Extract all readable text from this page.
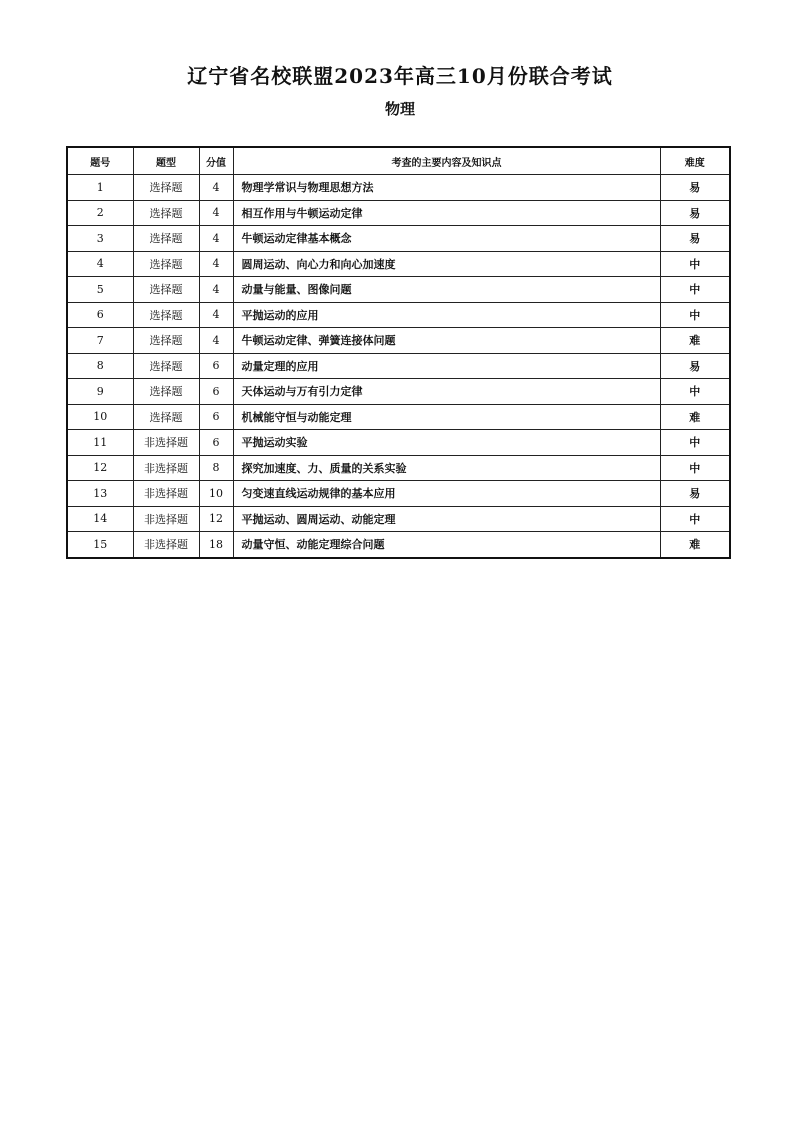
辽宁省名校联盟2023年高三10月份联合考试
物理
题号	题型	分值	考查的主要内容及知识点	难度
1	选择题	4	物理学常识与物理思想方法	易
2	选择题	4	相互作用与牛顿运动定律	易
3	选择题	4	牛顿运动定律基本概念	易
4	选择题	4	圆周运动、向心力和向心加速度	中
5	选择题	4	动量与能量、图像问题	中
6	选择题	4	平抛运动的应用	中
7	选择题	4	牛顿运动定律、弹簧连接体问题	难
8	选择题	6	动量定理的应用	易
9	选择题	6	天体运动与万有引力定律	中
10	选择题	6	机械能守恒与动能定理	难
11	非选择题	6	平抛运动实验	中
12	非选择题	8	探究加速度、力、质量的关系实验	中
13	非选择题	10	匀变速直线运动规律的基本应用	易
14	非选择题	12	平抛运动、圆周运动、动能定理	中
15	非选择题	18	动量守恒、动能定理综合问题	难
